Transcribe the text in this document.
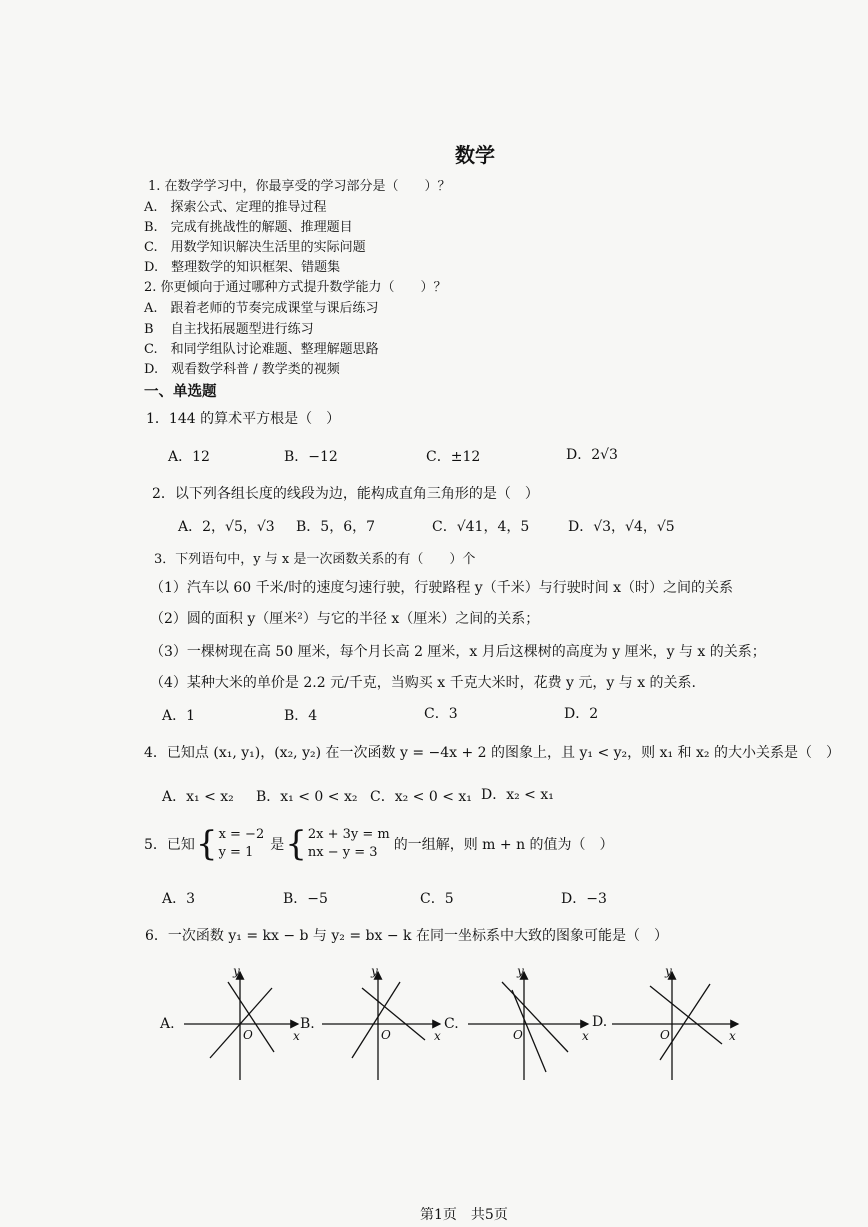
数学
1. 在数学学习中，你最享受的学习部分是（　　）？
A.　探索公式、定理的推导过程
B.　完成有挑战性的解题、推理题目
C.　用数学知识解决生活里的实际问题
D.　整理数学的知识框架、错题集
2. 你更倾向于通过哪种方式提升数学能力（　　）？
A.　跟着老师的节奏完成课堂与课后练习
B　 自主找拓展题型进行练习
C.　和同学组队讨论难题、整理解题思路
D.　观看数学科普 / 教学类的视频
一、单选题
1．144 的算术平方根是（　）
A．12	B．−12	C．±12	D．2√3
2．以下列各组长度的线段为边，能构成直角三角形的是（　）
A．2，√5，√3 B．5，6，7	C．√41，4，5	D．√3，√4，√5
3．下列语句中，y 与 x 是一次函数关系的有（　　）个
（1）汽车以 60 千米/时的速度匀速行驶，行驶路程 y（千米）与行驶时间 x（时）之间的关系
（2）圆的面积 y（厘米²）与它的半径 x（厘米）之间的关系；
（3）一棵树现在高 50 厘米，每个月长高 2 厘米，x 月后这棵树的高度为 y 厘米，y 与 x 的关系；
（4）某种大米的单价是 2.2 元/千克，当购买 x 千克大米时，花费 y 元，y 与 x 的关系.
A．1	B．4	C．3	D．2
4．已知点 (x₁, y₁)，(x₂, y₂) 在一次函数 y = −4x + 2 的图象上，且 y₁ < y₂，则 x₁ 和 x₂ 的大小关系是（　）
A．x₁ < x₂ B．x₁ < 0 < x₂ C．x₂ < 0 < x₁ D．x₂ < x₁
5．已知{x = −2
y = 1 是{2x + 3y = m
nx − y = 3 的一组解，则 m + n 的值为（　）
A．3	B．−5	C．5	D．−3
6．一次函数 y₁ = kx − b 与 y₂ = bx − k 在同一坐标系中大致的图象可能是（　）
A.
y
x
O
B.
y
x
O
C.
y
x
O
D.
y
x
O
第1页　共5页
